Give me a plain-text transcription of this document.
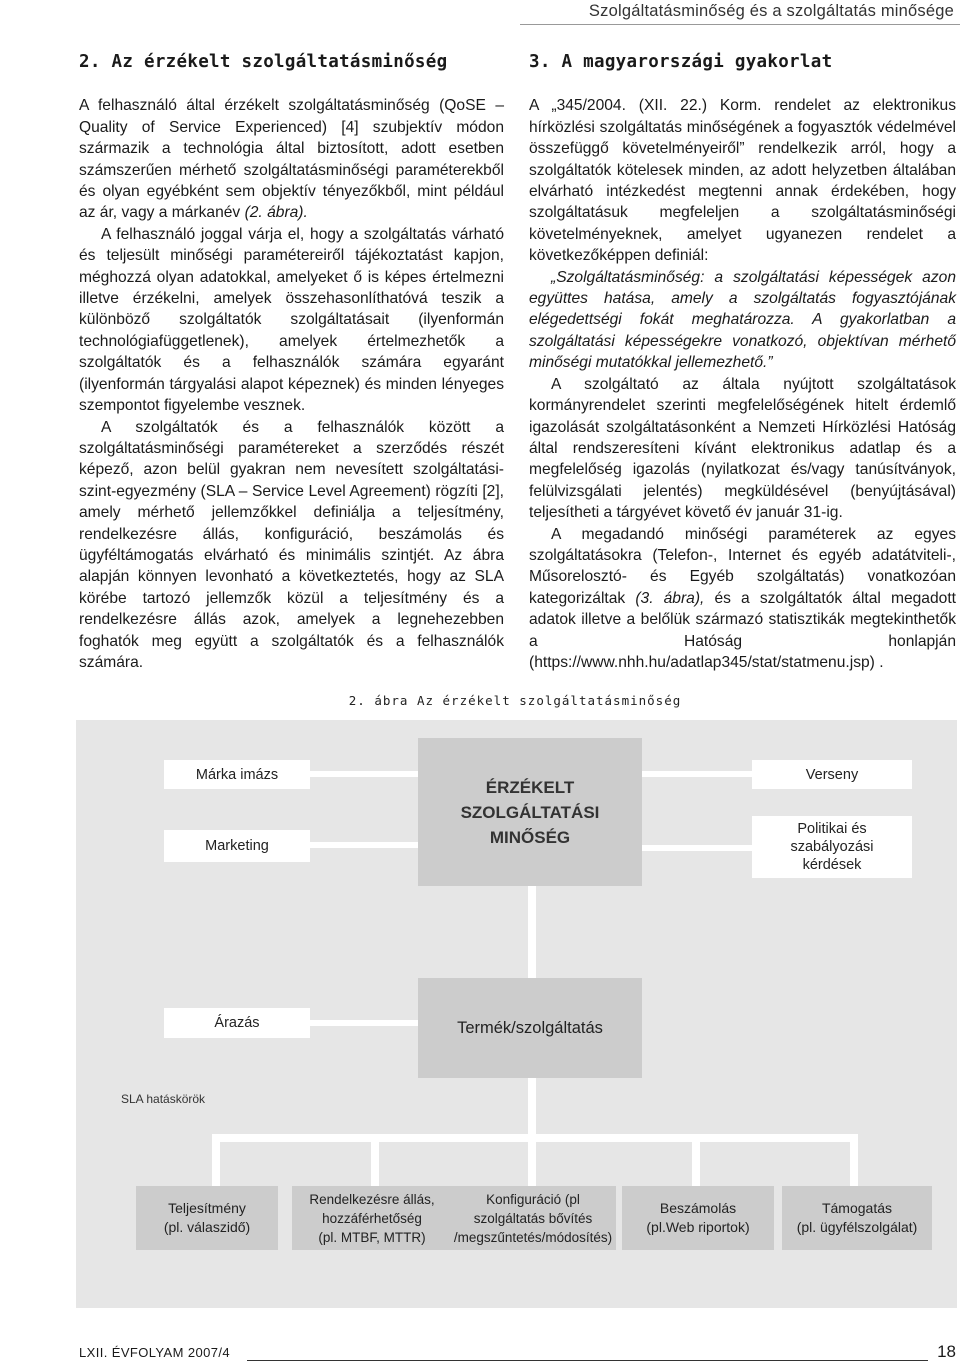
Szolgáltatásminőség és a szolgáltatás minősége
2. Az érzékelt szolgáltatásminőség

A felhasználó által érzékelt szolgáltatásminőség (QoSE – Quality of Service Experienced) [4] szubjektív módon származik a technológia által biztosított, adott esetben számszerűen mérhető szolgáltatásminőségi paraméterekből és olyan egyébként sem objektív tényezőkből, mint például az ár, vagy a márkanév (2. ábra).

A felhasználó joggal várja el, hogy a szolgáltatás várható és teljesült minőségi paramétereiről tájékoztatást kapjon, méghozzá olyan adatokkal, amelyeket ő is képes értelmezni illetve érzékelni, amelyek összehasonlíthatóvá teszik a különböző szolgáltatók szolgáltatásait (ilyenformán technológiafüggetlenek), amelyek értelmezhetők a szolgáltatók és a felhasználók számára egyaránt (ilyenformán tárgyalási alapot képeznek) és minden lényeges szempontot figyelembe vesznek.

A szolgáltatók és a felhasználók között a szolgáltatásminőségi paramétereket a szerződés részét képező, azon belül gyakran nem nevesített szolgáltatási-szint-egyezmény (SLA – Service Level Agreement) rögzíti [2], amely mérhető jellemzőkkel definiálja a teljesítmény, rendelkezésre állás, konfiguráció, beszámolás és ügyféltámogatás elvárható és minimális szintjét. Az ábra alapján könnyen levonható a következtetés, hogy az SLA körébe tartozó jellemzők közül a teljesítmény és a rendelkezésre állás azok, amelyek a legnehezebben foghatók meg együtt a szolgáltatók és a felhasználók számára.

3. A magyarországi gyakorlat

A „345/2004. (XII. 22.) Korm. rendelet az elektronikus hírközlési szolgáltatás minőségének a fogyasztók védelmével összefüggő követelményeiről” rendelkezik arról, hogy a szolgáltatók kötelesek minden, az adott helyzetben általában elvárható intézkedést megtenni annak érdekében, hogy szolgáltatásuk megfeleljen a szolgáltatásminőségi követelményeknek, amelyet ugyanezen rendelet a következőképpen definiál:

„Szolgáltatásminőség: a szolgáltatási képességek azon együttes hatása, amely a szolgáltatás fogyasztójának elégedettségi fokát meghatározza. A gyakorlatban a szolgáltatási képességekre vonatkozó, objektívan mérhető minőségi mutatókkal jellemezhető.”

A szolgáltató az általa nyújtott szolgáltatások kormányrendelet szerinti megfelelőségének hitelt érdemlő igazolását szolgáltatásonként a Nemzeti Hírközlési Hatóság által rendszeresíteni kívánt elektronikus adatlap és a megfelelőség igazolás (nyilatkozat és/vagy tanúsítványok, felülvizsgálati jelentés) megküldésével (benyújtásával) teljesítheti a tárgyévet követő év január 31-ig.

A megadandó minőségi paraméterek az egyes szolgáltatásokra (Telefon-, Internet és egyéb adatátviteli-, Műsorelosztó- és Egyéb szolgáltatás) vonatkozóan kategorizáltak (3. ábra), és a szolgáltatók által megadott adatok illetve a belőlük származó statisztikák megtekinthetők a Hatóság honlapján (https://www.nhh.hu/adatlap345/stat/statmenu.jsp) .

2. ábra Az érzékelt szolgáltatásminőség
Márka imázs
Marketing
Árazás
Verseny
Politikai és szabályozási kérdések
ÉRZÉKELT
SZOLGÁLTATÁSI
MINŐSÉG
Termék/szolgáltatás
SLA hatáskörök
Teljesítmény
(pl. válaszidő)
Rendelkezésre állás, hozzáférhetőség
(pl. MTBF, MTTR)
Konfiguráció (pl szolgáltatás bővítés
/megszűntetés/módosítés)
Beszámolás
(pl.Web riportok)
Támogatás
(pl. ügyfélszolgálat)
LXII. ÉVFOLYAM 2007/4	18
